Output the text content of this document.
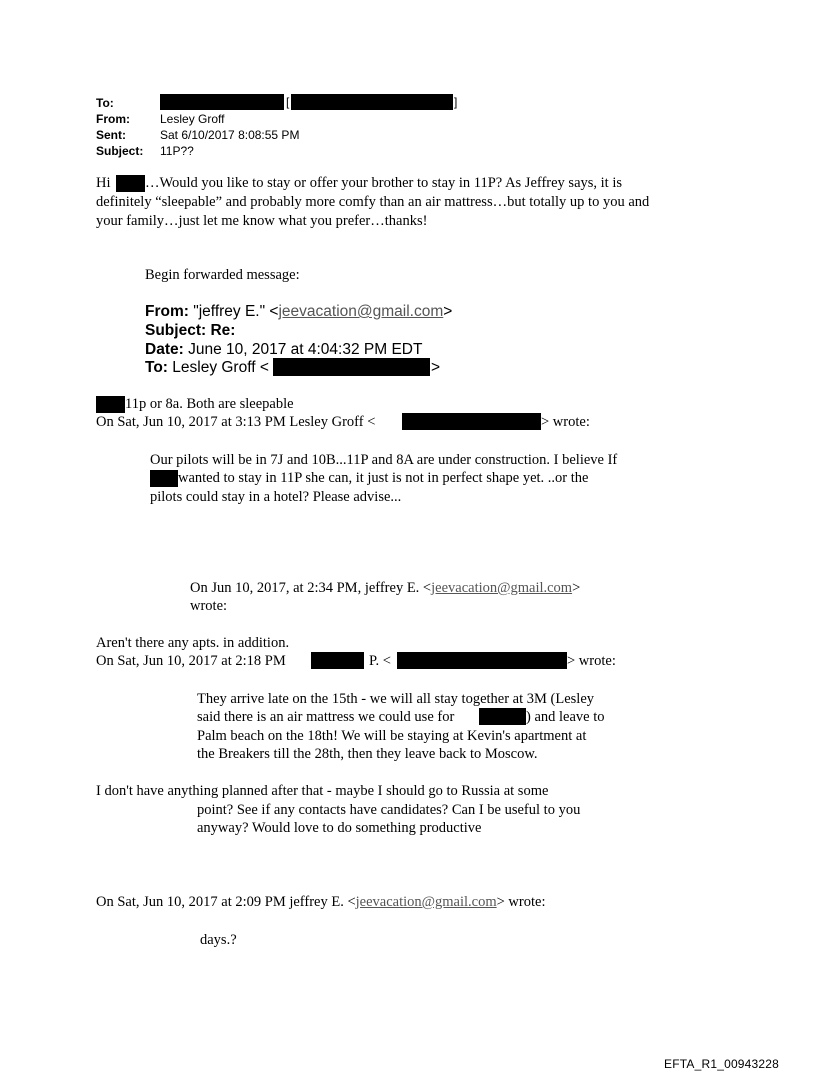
To:	[	]
From:	Lesley Groff
Sent:	Sat 6/10/2017 8:08:55 PM
Subject: 11P??
Hi …Would you like to stay or offer your brother to stay in 11P? As Jeffrey says, it is
definitely “sleepable” and probably more comfy than an air mattress…but totally up to you and
your family…just let me know what you prefer…thanks!
Begin forwarded message:
From: "jeffrey E." <jeevacation@gmail.com>
Subject: Re:
Date: June 10, 2017 at 4:04:32 PM EDT
To: Lesley Groff <	>
11p or 8a. Both are sleepable
On Sat, Jun 10, 2017 at 3:13 PM Lesley Groff <	> wrote:
Our pilots will be in 7J and 10B...11P and 8A are under construction. I believe If
wanted to stay in 11P she can, it just is not in perfect shape yet. ..or the
pilots could stay in a hotel? Please advise...
On Jun 10, 2017, at 2:34 PM, jeffrey E. <jeevacation@gmail.com>
wrote:
Aren't there any apts. in addition.
On Sat, Jun 10, 2017 at 2:18 PM	P. <	> wrote:
They arrive late on the 15th - we will all stay together at 3M (Lesley
said there is an air mattress we could use for	) and leave to
Palm beach on the 18th! We will be staying at Kevin's apartment at
the Breakers till the 28th, then they leave back to Moscow.
I don't have anything planned after that - maybe I should go to Russia at some
point? See if any contacts have candidates? Can I be useful to you
anyway? Would love to do something productive
On Sat, Jun 10, 2017 at 2:09 PM jeffrey E. <jeevacation@gmail.com> wrote:
days.?
EFTA_R1_00943228
